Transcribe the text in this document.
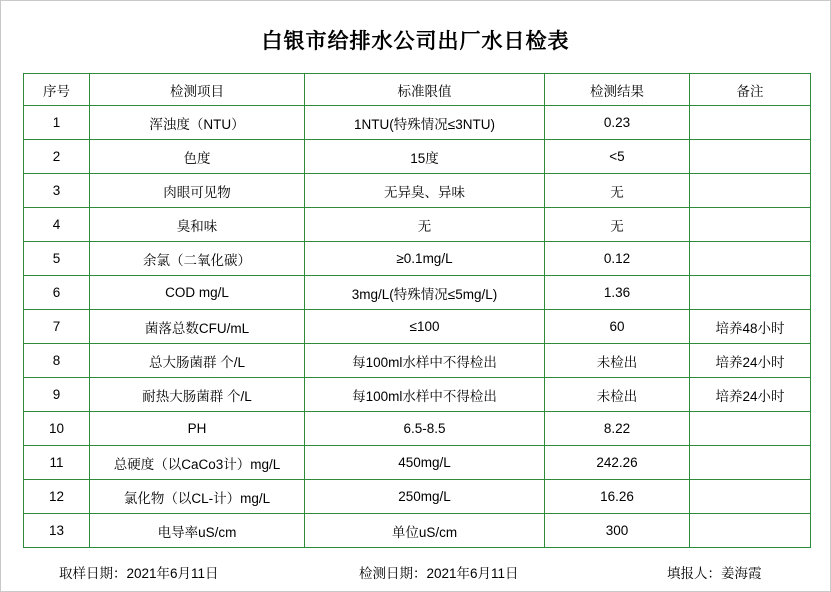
白银市给排水公司出厂水日检表
序号	检测项目	标准限值	检测结果	备注
1	浑浊度（NTU）	1NTU(特殊情况≤3NTU)	0.23	
2	色度	15度	<5	
3	肉眼可见物	无异臭、异味	无	
4	臭和味	无	无	
5	余氯（二氧化碳）	≥0.1mg/L	0.12	
6	COD mg/L	3mg/L(特殊情况≤5mg/L)	1.36	
7	菌落总数CFU/mL	≤100	60	培养48小时
8	总大肠菌群 个/L	每100ml水样中不得检出	未检出	培养24小时
9	耐热大肠菌群 个/L	每100ml水样中不得检出	未检出	培养24小时
10	PH	6.5-8.5	8.22	
11	总硬度（以CaCo3计）mg/L	450mg/L	242.26	
12	氯化物（以CL-计）mg/L	250mg/L	16.26	
13	电导率uS/cm	单位uS/cm	300	
取样日期：2021年6月11日	检测日期：2021年6月11日	填报人：姜海霞
